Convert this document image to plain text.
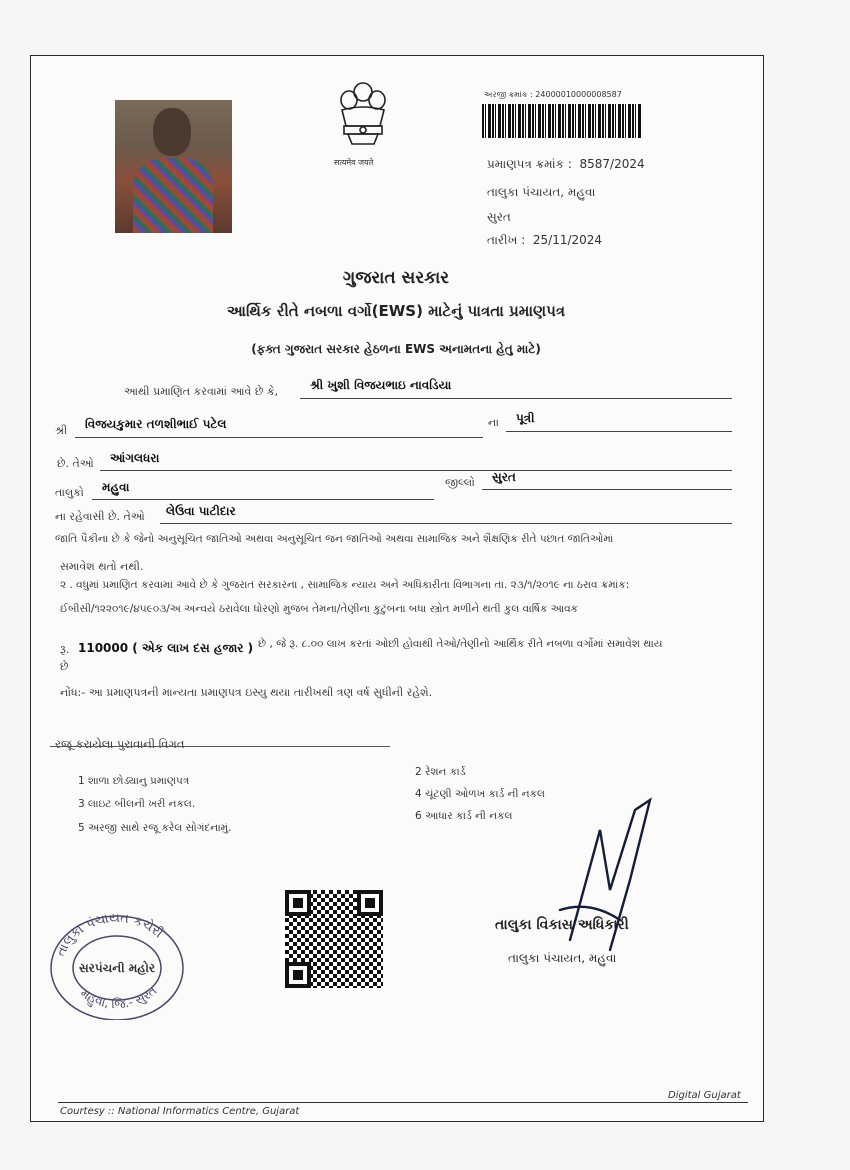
सत्यमेव जयते
અરજી ક્રમાંક : 24000010000008587
પ્રમાણપત્ર ક્રમાંક : 8587/2024
તાલુકા પંચાયત, મહુવા
સુરત
તારીખ : 25/11/2024
ગુજરાત સરકાર
આર્થિક રીતે નબળા વર્ગો(EWS) માટેનું પાત્રતા પ્રમાણપત્ર
(ફક્ત ગુજરાત સરકાર હેઠળના EWS અનામતના હેતુ માટે)
આથી પ્રમાણિત કરવામાં આવે છે કે,	શ્રી ખુશી વિજયભાઇ નાવડિયા
શ્રી વિજયકુમાર તળશીભાઈ પટેલ	ના પૂત્રી
છે. તેઓ આંગલધરા
તાલુકો મહુવા	જીલ્લો સુરત
ના રહેવાસી છે. તેઓ લેઉવા પાટીદાર
જાતિ પૈકીના છે કે જેનો અનુસૂચિત જાતિઓ અથવા અનુસૂચિત જન જાતિઓ અથવા સામાજિક અને શૈક્ષણિક રીતે પછાત જાતિઓમાં
સમાવેશ થતો નથી.
૨ . વધુમાં પ્રમાણિત કરવામાં આવે છે કે ગુજરાત સરકારના , સામાજિક ન્યાય અને અધિકારીતા વિભાગના તા. ૨૩/૧/૨૦૧૯ ના ઠરાવ ક્રમાંક:
ઈબીસી/૧૨૨૦૧૯/૪૫૯૦૩/અ અન્વયે ઠરાવેલા ધોરણો મુજબ તેમના/તેણીના કુટુંબના બધા સ્ત્રોત મળીને થતી કુલ વાર્ષિક આવક
રૂ. 110000 ( એક લાખ દસ હજાર ) છે , જે રૂ. ૮.૦૦ લાખ કરતાં ઓછી હોવાથી તેઓ/તેણીનો આર્થિક રીતે નબળા વર્ગોમાં સમાવેશ થાય
છે
નોંધ:- આ પ્રમાણપત્રની માન્યતા પ્રમાણપત્ર ઇસ્યુ થયા તારીખથી ત્રણ વર્ષ સુધીની રહેશે.
રજૂ કરાયેલા પુરાવાની વિગત
1 શાળા છોડ્યાનુ પ્રમાણપત્ર
2 રેશન કાર્ડ
3 લાઇટ બીલની ખરી નકલ.
4 ચૂંટણી ઓળખ કાર્ડ ની નકલ
5 અરજી સાથે રજૂ કરેલ સોગંદનામું.
6 આધાર કાર્ડ ની નકલ
તાલુકા વિકાસ અધિકારી
તાલુકા પંચાયત, મહુવા
તાલુકા પંચાયત કચેરી
મહુવા, જિ.- સુરત
સરપંચની મહોર
Digital Gujarat
Courtesy :: National Informatics Centre, Gujarat
